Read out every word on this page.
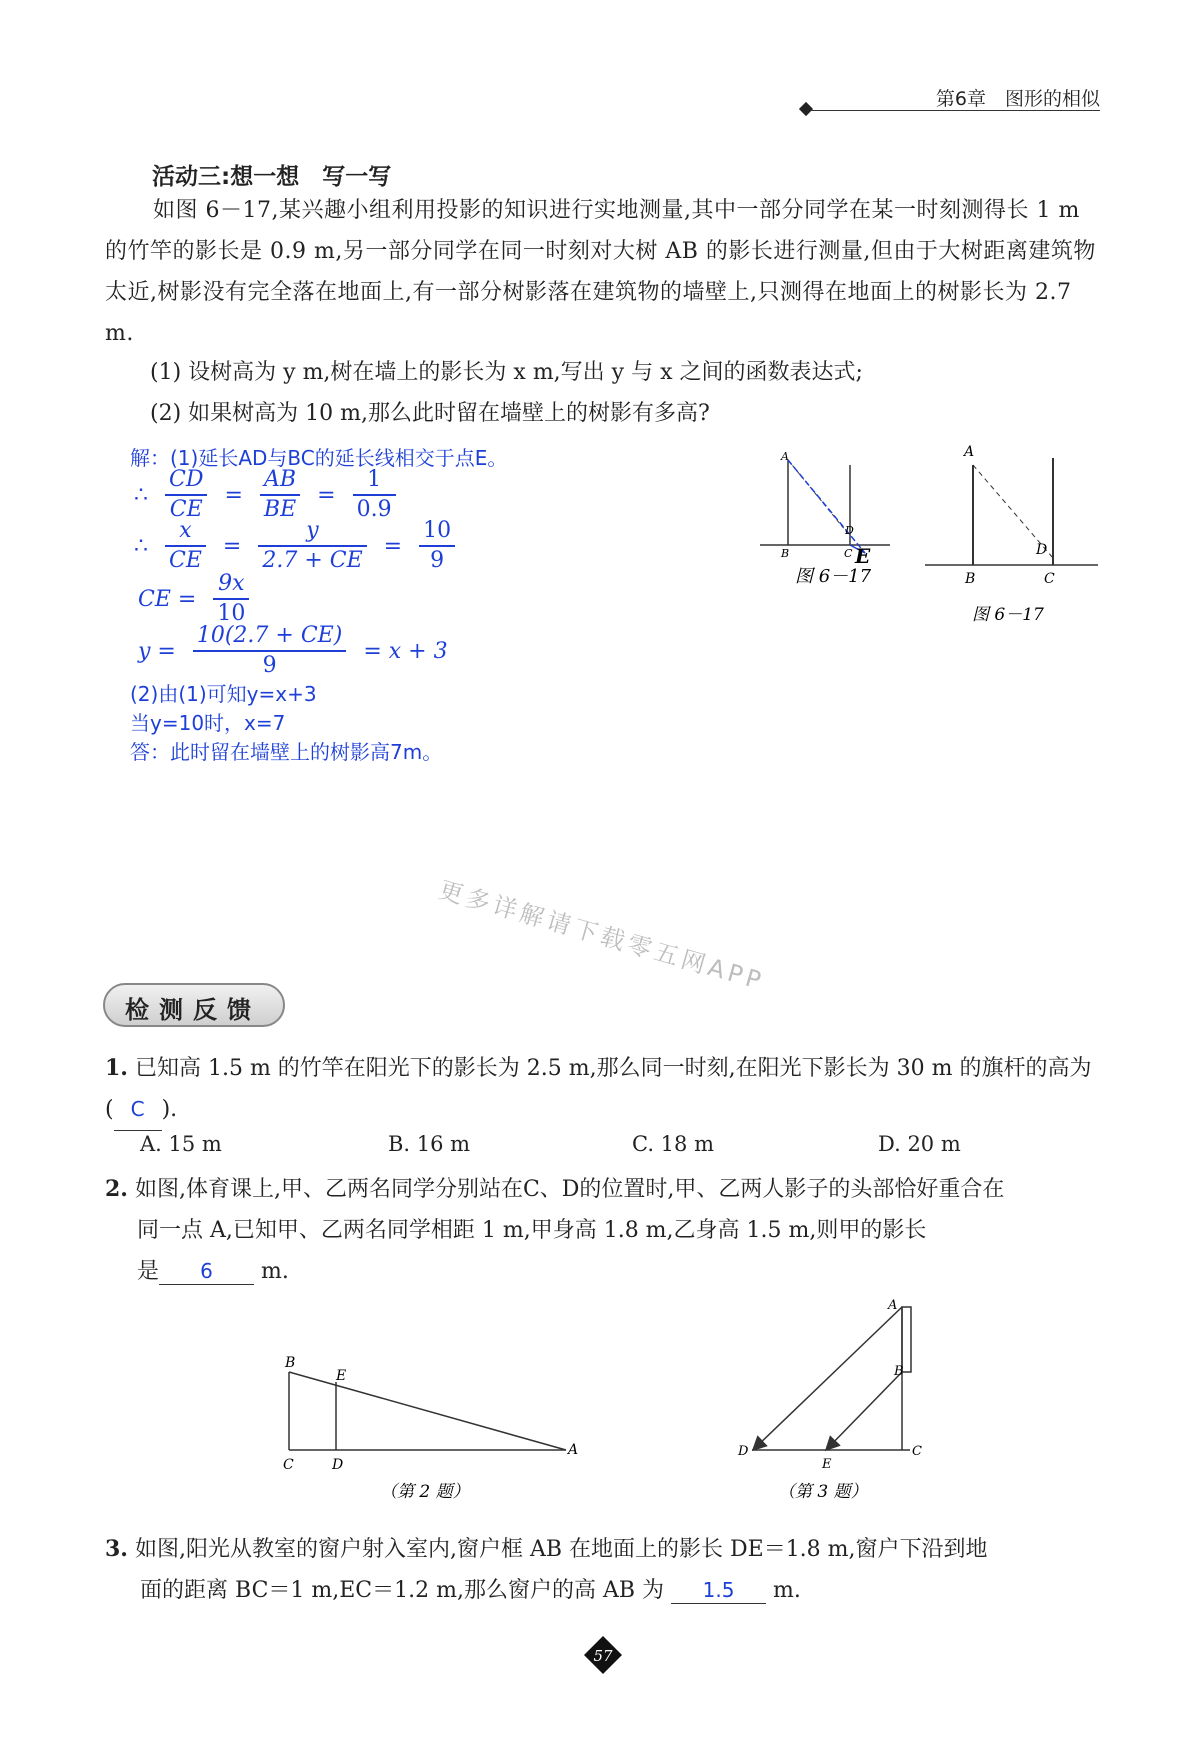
第6章　图形的相似
活动三:想一想　写一写

如图 6－17,某兴趣小组利用投影的知识进行实地测量,其中一部分同学在某一时刻测得长 1 m 的竹竿的影长是 0.9 m,另一部分同学在同一时刻对大树 AB 的影长进行测量,但由于大树距离建筑物太近,树影没有完全落在地面上,有一部分树影落在建筑物的墙壁上,只测得在地面上的树影长为 2.7 m.

(1) 设树高为 y m,树在墙上的影长为 x m,写出 y 与 x 之间的函数表达式;
(2) 如果树高为 10 m,那么此时留在墙壁上的树影有多高?
解：(1)延长AD与BC的延长线相交于点E。
∴ $\frac{CD}{CE} = \frac{AB}{BE} = \frac{1}{0.9}$
∴ $\frac{x}{CE} = \frac{y}{2.7 + CE} = \frac{10}{9}$
CE = $\frac{9x}{10}$
$y = \frac{10(2.7 + CE)}{9} = x + 3$
(2)由(1)可知y=x+3
当y=10时，x=7
答：此时留在墙壁上的树影高7m。
A
B
D
C E
图 6－17
A
B
D
C
图 6－17
更多详解请下载零五网APP
检测反馈
1. 已知高 1.5 m 的竹竿在阳光下的影长为 2.5 m,那么同一时刻,在阳光下影长为 30 m 的旗杆的高为( C ).
A. 15 m	B. 16 m	C. 18 m	D. 20 m
2. 如图,体育课上,甲、乙两名同学分别站在C、D的位置时,甲、乙两人影子的头部恰好重合在
同一点 A,已知甲、乙两名同学相距 1 m,甲身高 1.8 m,乙身高 1.5 m,则甲的影长
是 6 m.
B
E
C	D
A
（第 2 题）
A
B
D
E
C
（第 3 题）
3. 如图,阳光从教室的窗户射入室内,窗户框 AB 在地面上的影长 DE＝1.8 m,窗户下沿到地
面的距离 BC＝1 m,EC＝1.2 m,那么窗户的高 AB 为 1.5 m.
57
